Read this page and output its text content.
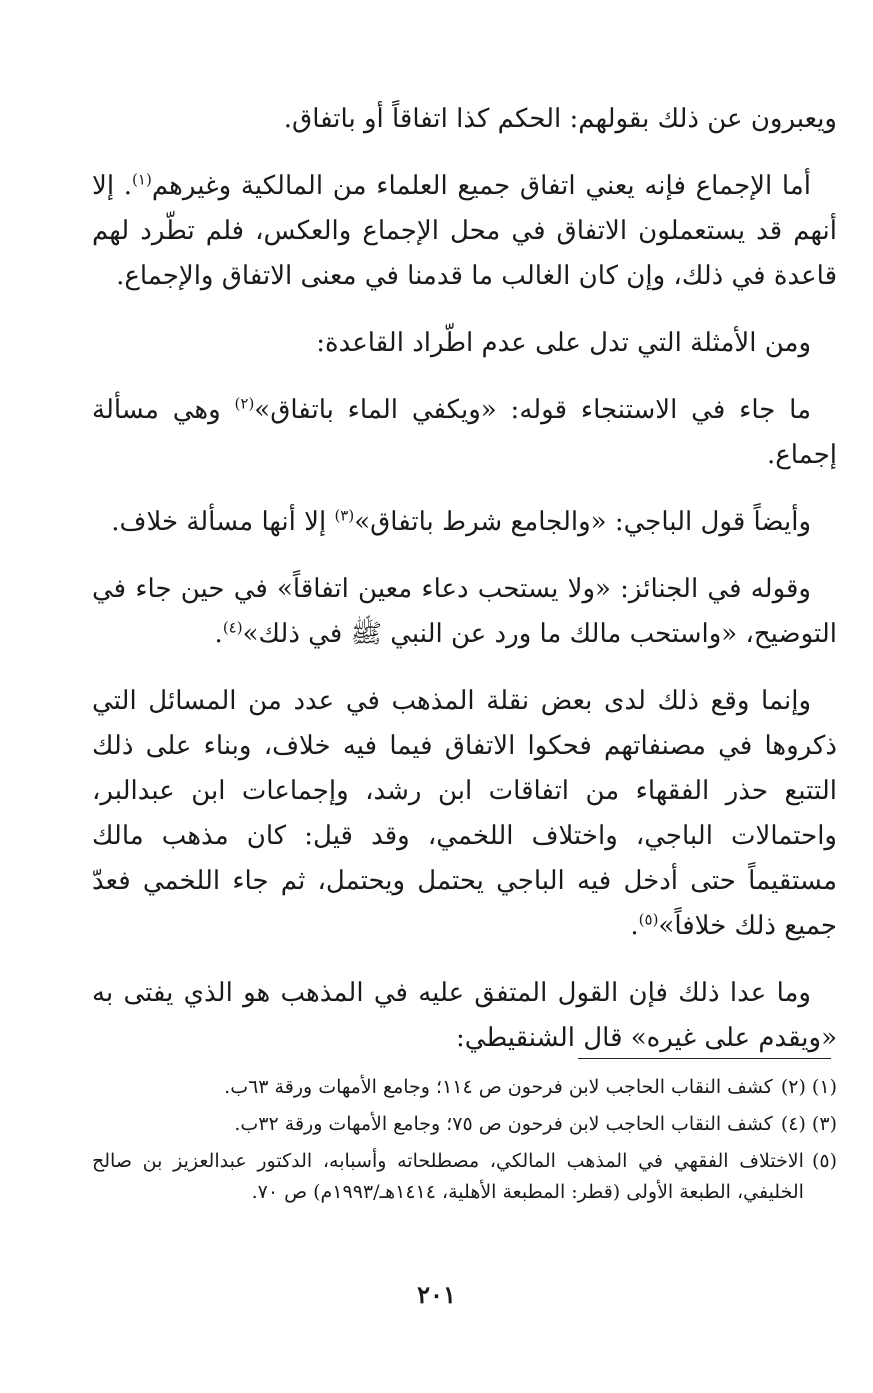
ويعبرون عن ذلك بقولهم: الحكم كذا اتفاقاً أو باتفاق.

أما الإجماع فإنه يعني اتفاق جميع العلماء من المالكية وغيرهم$^{(١)}$. إلا أنهم قد يستعملون الاتفاق في محل الإجماع والعكس، فلم تطّرد لهم قاعدة في ذلك، وإن كان الغالب ما قدمنا في معنى الاتفاق والإجماع.

ومن الأمثلة التي تدل على عدم اطّراد القاعدة:

ما جاء في الاستنجاء قوله: «ويكفي الماء باتفاق»$^{(٢)}$ وهي مسألة إجماع.

وأيضاً قول الباجي: «والجامع شرط باتفاق»$^{(٣)}$ إلا أنها مسألة خلاف.

وقوله في الجنائز: «ولا يستحب دعاء معين اتفاقاً» في حين جاء في التوضيح، «واستحب مالك ما ورد عن النبي ﷺ في ذلك»$^{(٤)}$.

وإنما وقع ذلك لدى بعض نقلة المذهب في عدد من المسائل التي ذكروها في مصنفاتهم فحكوا الاتفاق فيما فيه خلاف، وبناء على ذلك التتبع حذر الفقهاء من اتفاقات ابن رشد، وإجماعات ابن عبدالبر، واحتمالات الباجي، واختلاف اللخمي، وقد قيل: كان مذهب مالك مستقيماً حتى أدخل فيه الباجي يحتمل ويحتمل، ثم جاء اللخمي فعدّ جميع ذلك خلافاً»$^{(٥)}$.

وما عدا ذلك فإن القول المتفق عليه في المذهب هو الذي يفتى به «ويقدم على غيره» قال الشنقيطي:

(١) (٢)
كشف النقاب الحاجب لابن فرحون ص ١١٤؛ وجامع الأمهات ورقة ٦٣ب.

(٣) (٤)
كشف النقاب الحاجب لابن فرحون ص ٧٥؛ وجامع الأمهات ورقة ٣٢ب.

(٥)
الاختلاف الفقهي في المذهب المالكي، مصطلحاته وأسبابه، الدكتور عبدالعزيز بن صالح الخليفي، الطبعة الأولى (قطر: المطبعة الأهلية، ١٤١٤هـ/١٩٩٣م) ص ٧٠.

٢٠١
